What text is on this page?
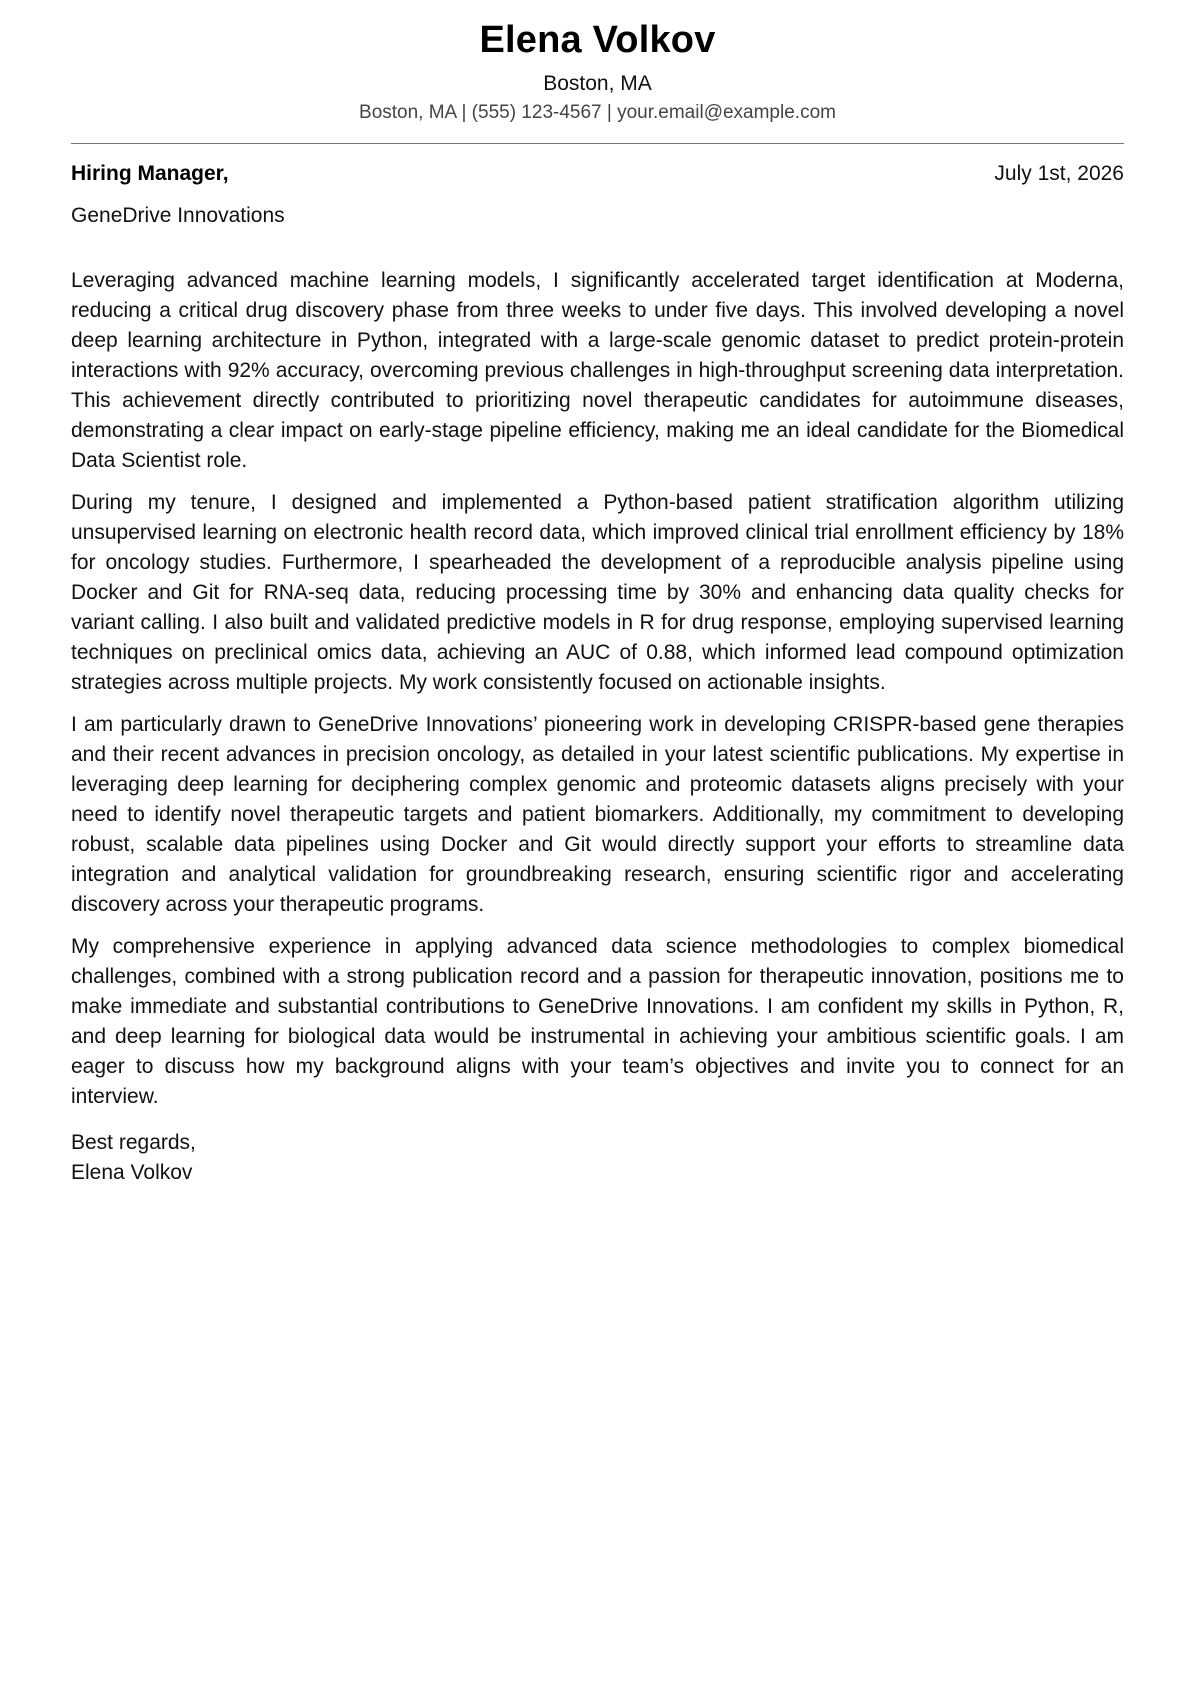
Elena Volkov
Boston, MA
Boston, MA | (555) 123-4567 | your.email@example.com
Hiring Manager,	July 1st, 2026
GeneDrive Innovations

Leveraging advanced machine learning models, I significantly accelerated target identification at Moderna, reducing a critical drug discovery phase from three weeks to under five days. This involved developing a novel deep learning architecture in Python, integrated with a large-scale genomic dataset to predict protein-protein interactions with 92% accuracy, overcoming previous challenges in high-throughput screening data interpretation. This achievement directly contributed to prioritizing novel therapeutic candidates for autoimmune diseases, demonstrating a clear impact on early-stage pipeline efficiency, making me an ideal candidate for the Biomedical Data Scientist role.

During my tenure, I designed and implemented a Python-based patient stratification algorithm utilizing unsupervised learning on electronic health record data, which improved clinical trial enrollment efficiency by 18% for oncology studies. Furthermore, I spearheaded the development of a reproducible analysis pipeline using Docker and Git for RNA-seq data, reducing processing time by 30% and enhancing data quality checks for variant calling. I also built and validated predictive models in R for drug response, employing supervised learning techniques on preclinical omics data, achieving an AUC of 0.88, which informed lead compound optimization strategies across multiple projects. My work consistently focused on actionable insights.

I am particularly drawn to GeneDrive Innovations’ pioneering work in developing CRISPR-based gene therapies and their recent advances in precision oncology, as detailed in your latest scientific publications. My expertise in leveraging deep learning for deciphering complex genomic and proteomic datasets aligns precisely with your need to identify novel therapeutic targets and patient biomarkers. Additionally, my commitment to developing robust, scalable data pipelines using Docker and Git would directly support your efforts to streamline data integration and analytical validation for groundbreaking research, ensuring scientific rigor and accelerating discovery across your therapeutic programs.

My comprehensive experience in applying advanced data science methodologies to complex biomedical challenges, combined with a strong publication record and a passion for therapeutic innovation, positions me to make immediate and substantial contributions to GeneDrive Innovations. I am confident my skills in Python, R, and deep learning for biological data would be instrumental in achieving your ambitious scientific goals. I am eager to discuss how my background aligns with your team’s objectives and invite you to connect for an interview.

Best regards,
Elena Volkov
